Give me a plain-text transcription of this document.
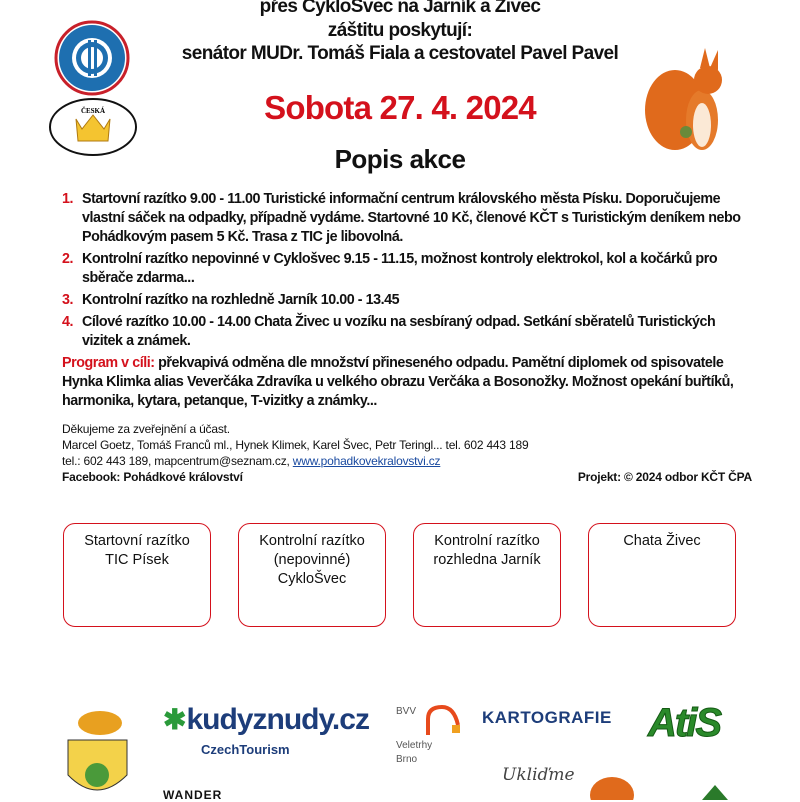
přes CykloSvec na Jarník a Zivec
záštitu poskytují:
senátor MUDr. Tomáš Fiala a cestovatel Pavel Pavel
Sobota 27. 4. 2024
Popis akce
ČESKÁ
1. Startovní razítko 9.00 - 11.00 Turistické informační centrum královského města Písku. Doporučujeme vlastní sáček na odpadky, případně vydáme. Startovné 10 Kč, členové KČT s Turistickým deníkem nebo Pohádkovým pasem 5 Kč. Trasa z TIC je libovolná.
2. Kontrolní razítko nepovinné v Cyklošvec 9.15 - 11.15, možnost kontroly elektrokol, kol a kočárků pro sběrače zdarma...
3. Kontrolní razítko na rozhledně Jarník 10.00 - 13.45
4. Cílové razítko 10.00 - 14.00 Chata Živec u vozíku na sesbíraný odpad. Setkání sběratelů Turistických vizitek a známek.
Program v cíli: překvapivá odměna dle množství přineseného odpadu. Pamětní diplomek od spisovatele Hynka Klimka alias Veverčáka Zdravíka u velkého obrazu Verčáka a Bosonožky. Možnost opekání buřtíků, harmonika, kytara, petanque, T-vizitky a známky...
Děkujeme za zveřejnění a účast.
Marcel Goetz, Tomáš Franců ml., Hynek Klimek, Karel Švec, Petr Teringl... tel. 602 443 189
tel.: 602 443 189, mapcentrum@seznam.cz, www.pohadkovekralovstvi.cz
Facebook: Pohádkové království	Projekt: © 2024 odbor KČT ČPA
Startovní razítko
TIC Písek
Kontrolní razítko
(nepovinné)
CykloŠvec
Kontrolní razítko
rozhledna Jarník
Chata Živec
✱kudyznudy.cz
CzechTourism
BVV
Veletrhy
Brno
KARTOGRAFIE AtiS
Ukliďme
WANDER
